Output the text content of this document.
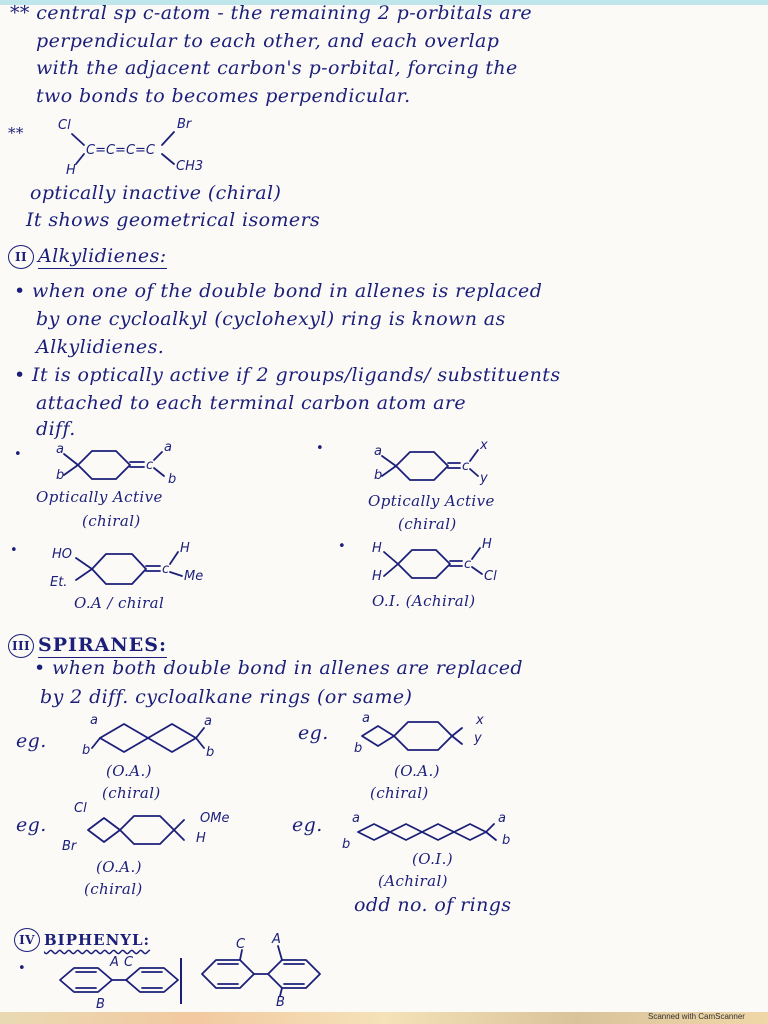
** central sp c-atom - the remaining 2 p-orbitals are
perpendicular to each other, and each overlap
with the adjacent carbon's p-orbital, forcing the
two bonds to becomes perpendicular.
**	Cl
H
C=C=C=C
Br
CH3
optically inactive (chiral)
It shows geometrical isomers
II Alkylidienes:
• when one of the double bond in allenes is replaced
by one cycloalkyl (cyclohexyl) ring is known as
Alkylidienes.
• It is optically active if 2 groups/ligands/ substituents
attached to each terminal carbon atom are
diff.
•	a
b
c
a
b
Optically Active
(chiral)
•	a
b
c
x
y
Optically Active
(chiral)
•	HO
Et.
c
H
Me
O.A / chiral
• H
H
c
H
Cl
O.I. (Achiral)
III SPIRANES:
• when both double bond in allenes are replaced
by 2 diff. cycloalkane rings (or same)
eg.
a
b
a
b
(O.A.)
(chiral)
eg.
a
b
x
y
(O.A.)
(chiral)
eg.
Cl
Br
OMe
H
(O.A.)
(chiral)
eg. a
b
a
b
(O.I.)
(Achiral)
odd no. of rings
IV BIPHENYL:
•	A C
B
C A
B
Scanned with CamScanner
